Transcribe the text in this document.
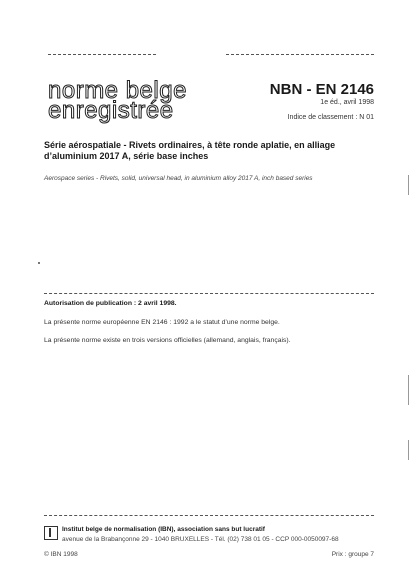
norme belge
enregistrée
NBN - EN 2146
1e éd., avril 1998
Indice de classement : N 01
Série aérospatiale - Rivets ordinaires, à tête ronde aplatie, en alliage
d’aluminium 2017 A, série base inches
Aerospace series - Rivets, solid, universal head, in aluminium alloy 2017 A, inch based series
Autorisation de publication : 2 avril 1998.
La présente norme européenne EN 2146 : 1992 a le statut d’une norme belge.
La présente norme existe en trois versions officielles (allemand, anglais, français).
Institut belge de normalisation (IBN), association sans but lucratif
avenue de la Brabançonne 29 - 1040 BRUXELLES - Tél. (02) 738 01 05 - CCP 000-0050097-68
© IBN 1998	Prix : groupe 7
